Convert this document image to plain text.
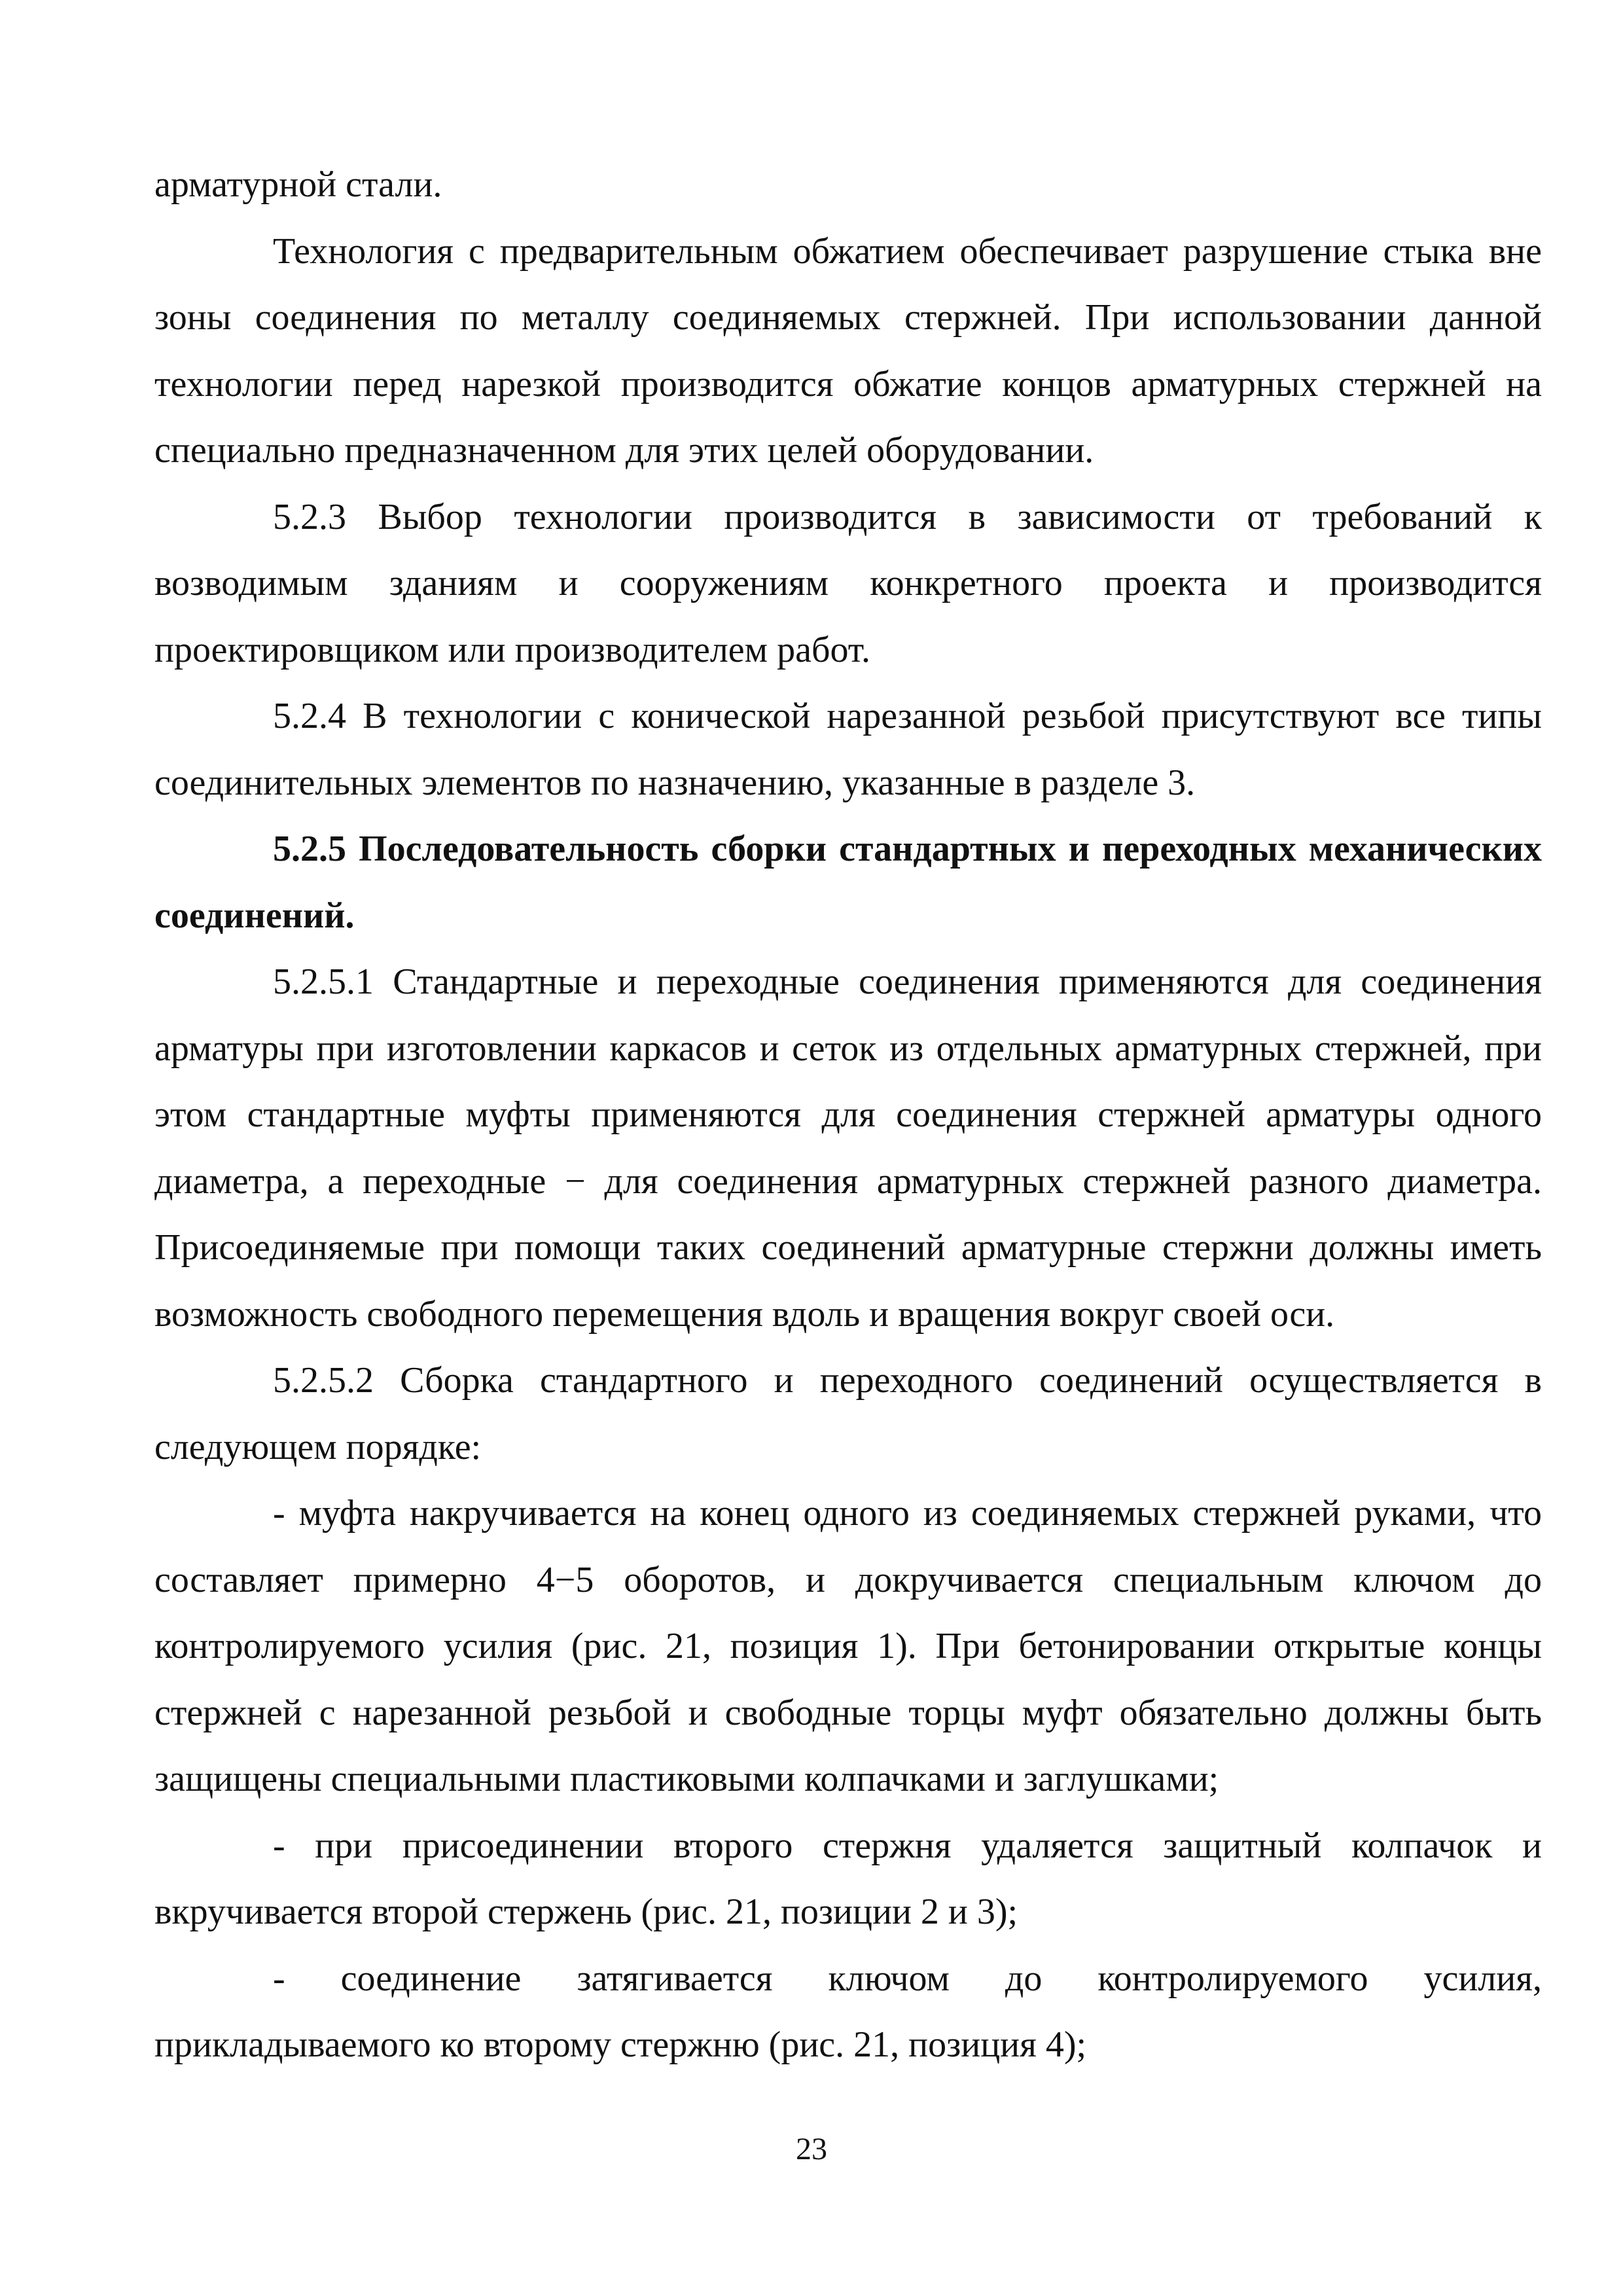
арматурной стали.

Технология с предварительным обжатием обеспечивает разрушение стыка вне зоны соединения по металлу соединяемых стержней. При использовании данной технологии перед нарезкой производится обжатие концов арматурных стержней на специально предназначенном для этих целей оборудовании.

5.2.3 Выбор технологии производится в зависимости от требований к возводимым зданиям и сооружениям конкретного проекта и производится проектировщиком или производителем работ.

5.2.4 В технологии с конической нарезанной резьбой присутствуют все типы соединительных элементов по назначению, указанные в разделе 3.

5.2.5 Последовательность сборки стандартных и переходных механических соединений.

5.2.5.1 Стандартные и переходные соединения применяются для соединения арматуры при изготовлении каркасов и сеток из отдельных арматурных стержней, при этом стандартные муфты применяются для соединения стержней арматуры одного диаметра, а переходные − для соединения арматурных стержней разного диаметра. Присоединяемые при помощи таких соединений арматурные стержни должны иметь возможность свободного перемещения вдоль и вращения вокруг своей оси.

5.2.5.2 Сборка стандартного и переходного соединений осуществляется в следующем порядке:

- муфта накручивается на конец одного из соединяемых стержней руками, что составляет примерно 4−5 оборотов, и докручивается специальным ключом до контролируемого усилия (рис. 21, позиция 1). При бетонировании открытые концы стержней с нарезанной резьбой и свободные торцы муфт обязательно должны быть защищены специальными пластиковыми колпачками и заглушками;

- при присоединении второго стержня удаляется защитный колпачок и вкручивается второй стержень (рис. 21, позиции 2 и 3);

- соединение затягивается ключом до контролируемого усилия, прикладываемого ко второму стержню (рис. 21, позиция 4);

23
